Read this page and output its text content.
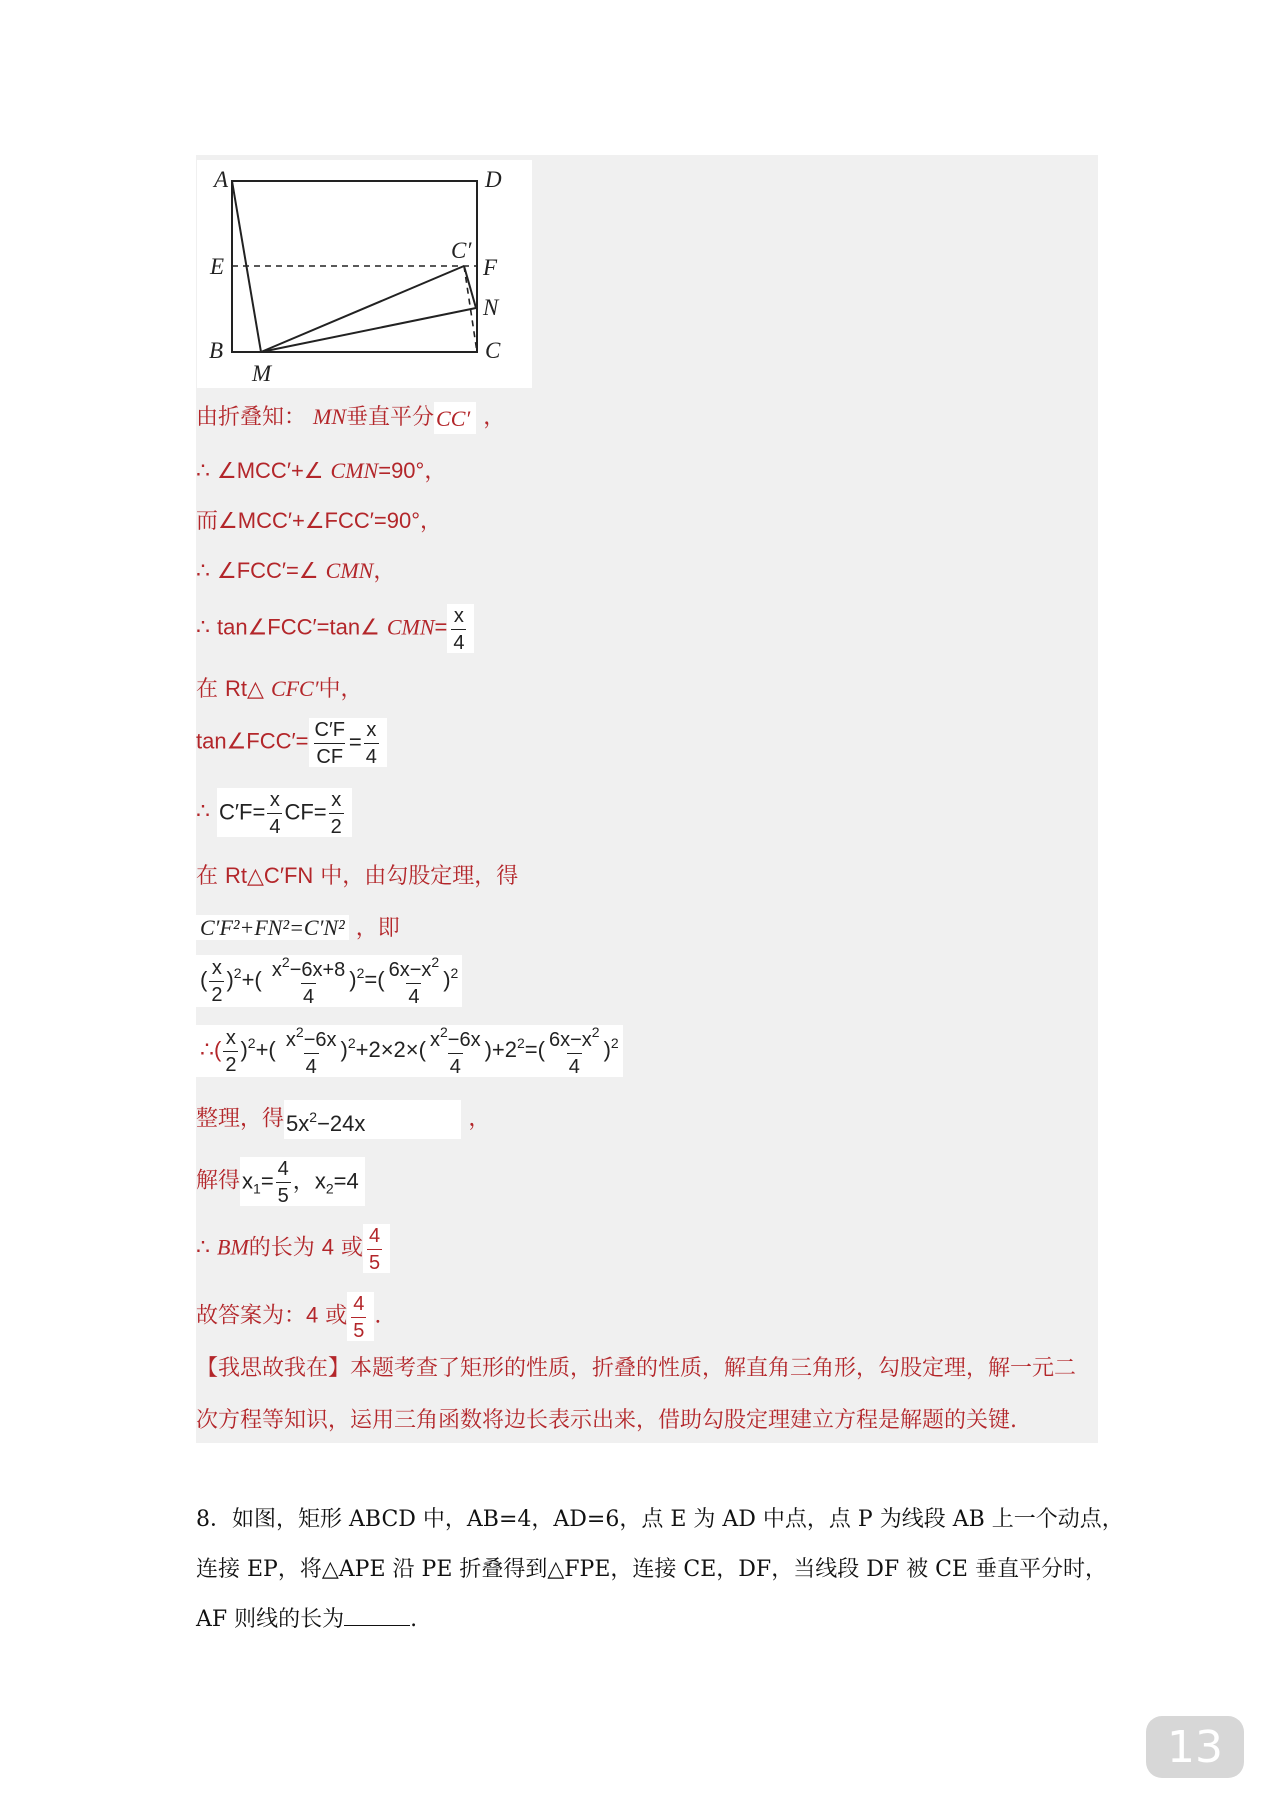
A	D
E
C′
F
N
B
M
C
由折叠知： MN垂直平分CC′ ，
∴ ∠MCC′+∠ CMN=90°，
而∠MCC′+∠FCC′=90°，
∴ ∠FCC′=∠ CMN，
∴ tan∠FCC′=tan∠ $CMN= \frac{x}{4}$
在 Rt△ CFC′中，
tan∠FCC′= $\frac{C'F}{CF} = \frac{x}{4}$
∴ $C'F= \frac{x}{4} CF= \frac{x}{2}$
在 Rt△C′FN 中，由勾股定理，得
C′F²+FN²=C′N² ，即
( $\frac{x}{2} )^2+( \frac{x^2-6x+8}{4} )^2=( \frac{6x-x^2}{4} )^2$
∴( $\frac{x}{2} )^2+( \frac{x^2-6x}{4} )^2+2\times 2\times( \frac{x^2-6x}{4} )+2^2=( \frac{6x-x^2}{4} )^2$
整理，得$5x^2-24x$	，
解得$x_1= \frac{4}{5}$ ，$x_2=4$
∴ BM的长为 4 或 $\frac{4}{5}$
故答案为：4 或 $\frac{4}{5}$ .
【我思故我在】本题考查了矩形的性质，折叠的性质，解直角三角形，勾股定理，解一元二
次方程等知识，运用三角函数将边长表示出来，借助勾股定理建立方程是解题的关键.

8．如图，矩形 ABCD 中，AB=4，AD=6，点 E 为 AD 中点，点 P 为线段 AB 上一个动点，

连接 EP，将△APE 沿 PE 折叠得到△FPE，连接 CE，DF，当线段 DF 被 CE 垂直平分时，

AF 则线的长为	.

13
